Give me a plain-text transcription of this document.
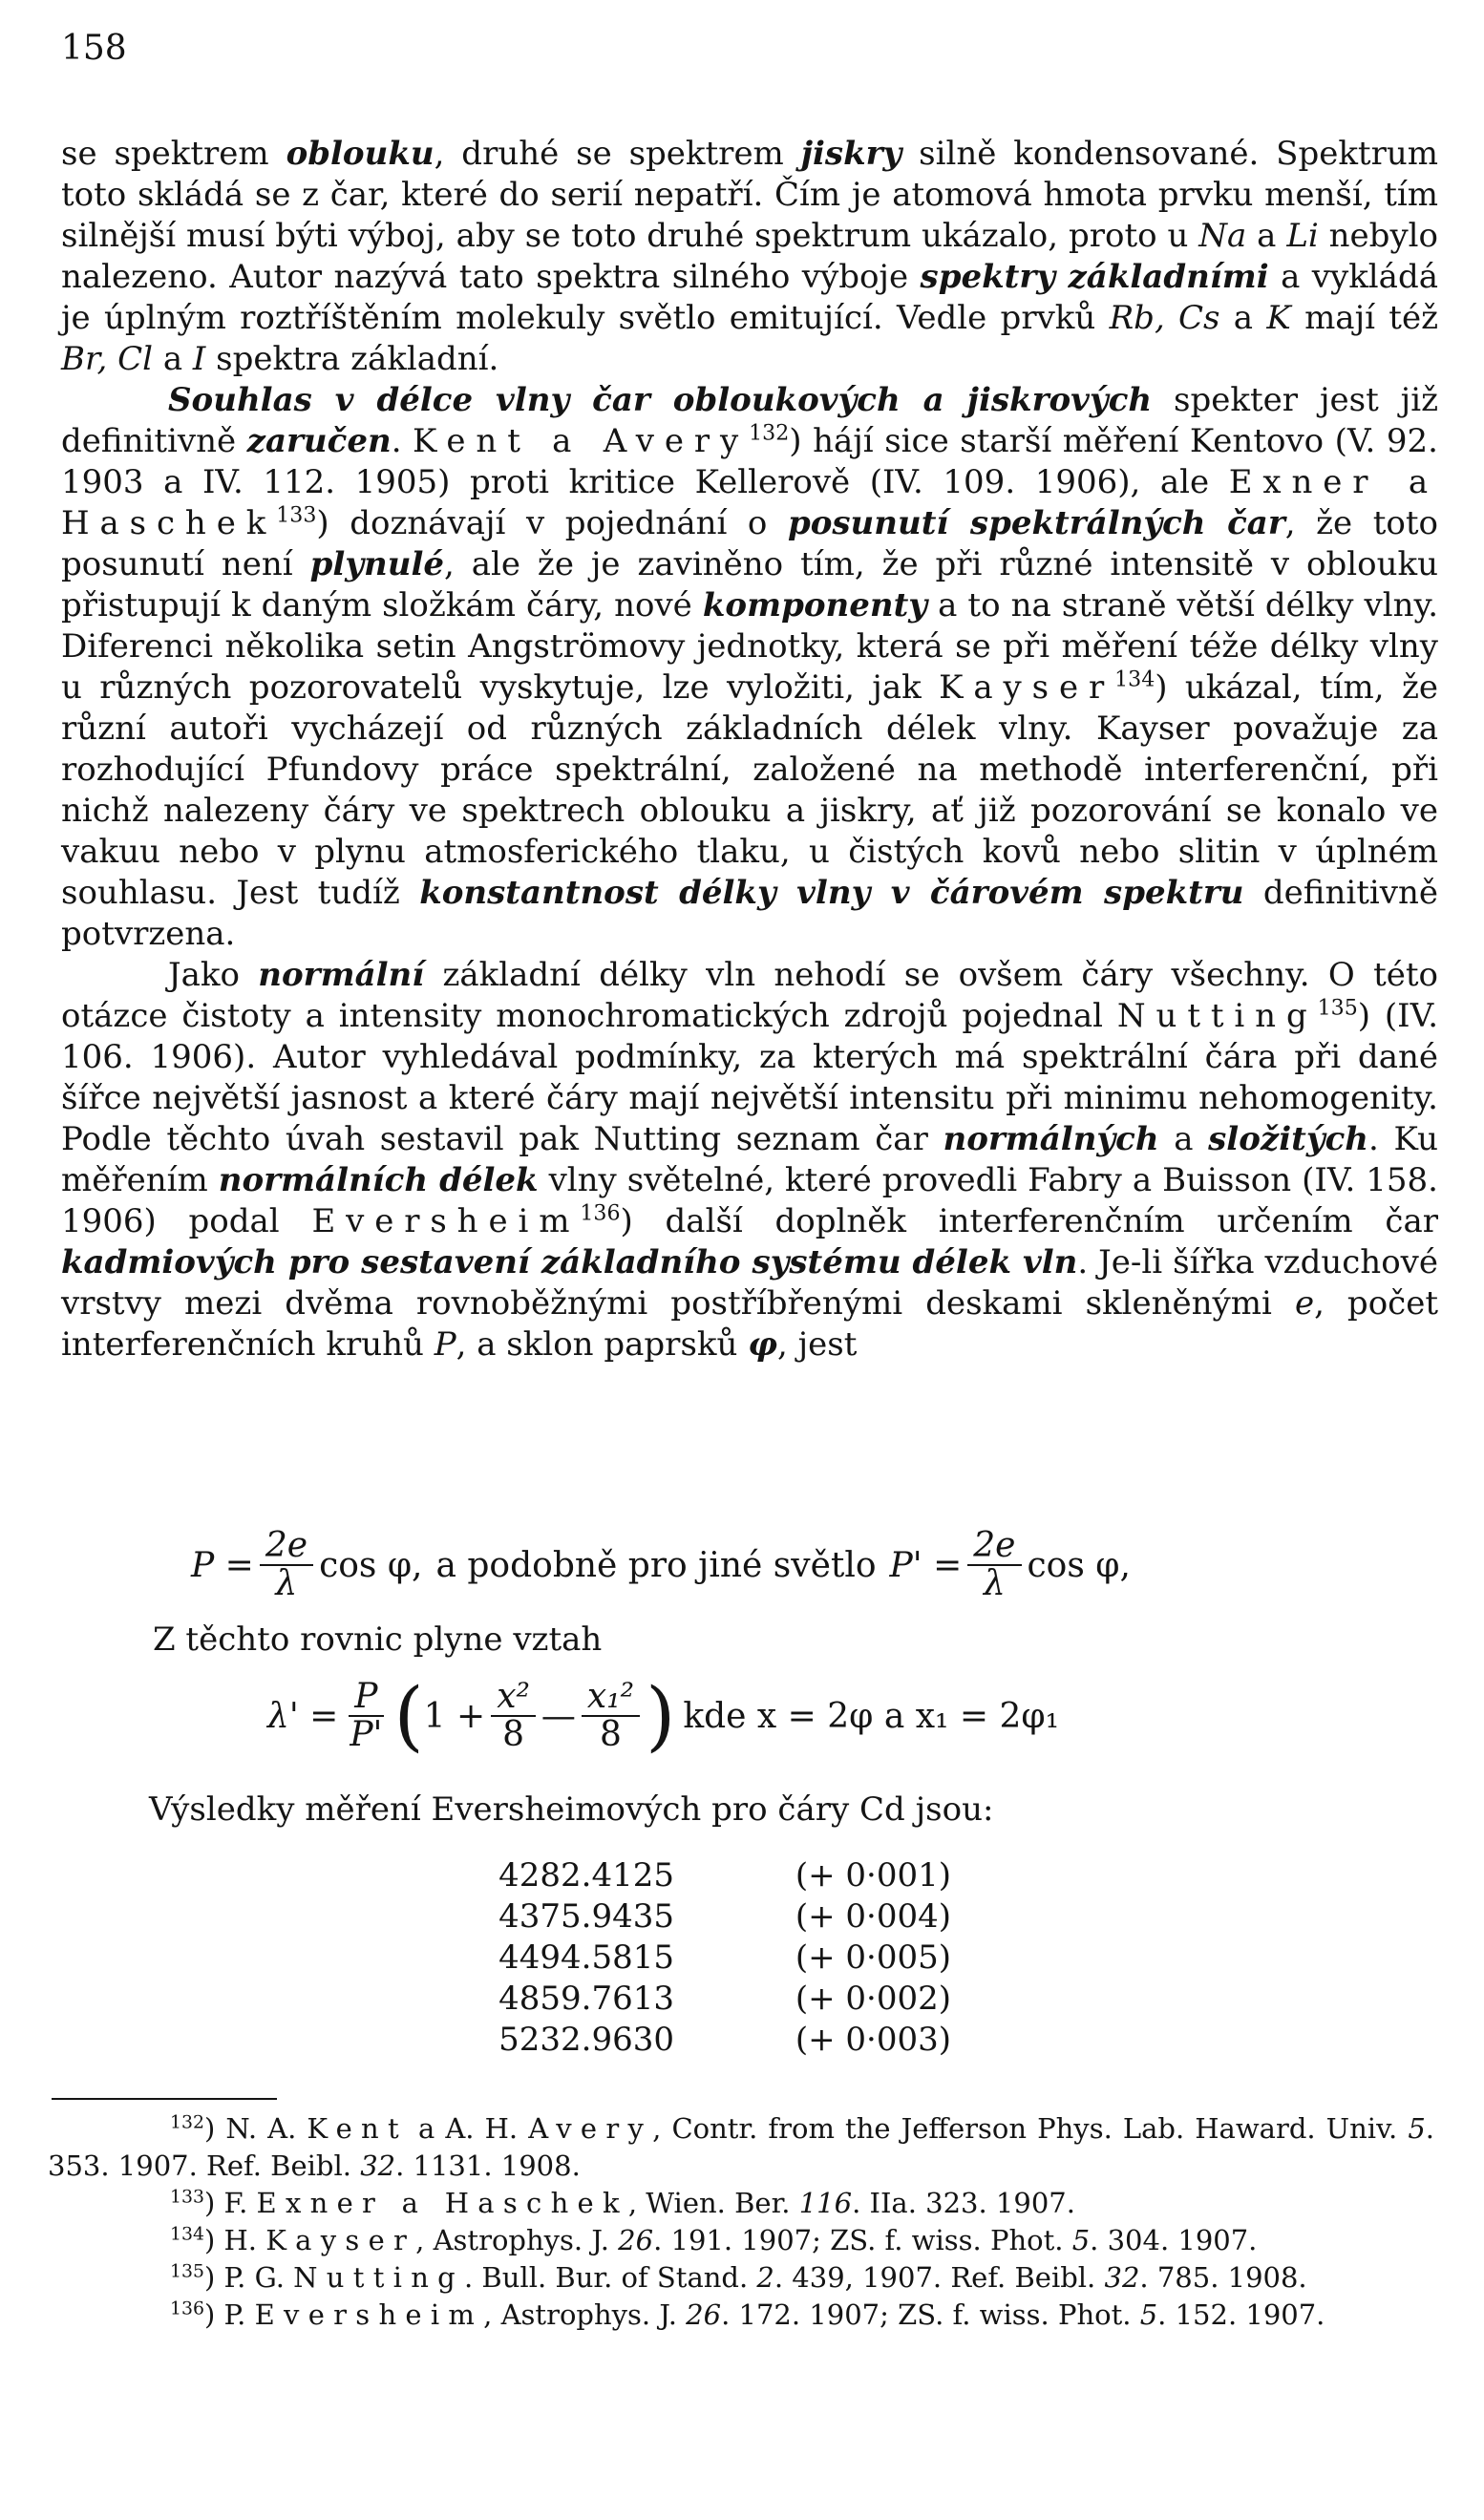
158

se spektrem oblouku, druhé se spektrem jiskry silně kondensované. Spektrum toto skládá se z čar, které do serií nepatří. Čím je atomová hmota prvku menší, tím silnější musí býti výboj, aby se toto druhé spektrum ukázalo, proto u Na a Li nebylo nalezeno. Autor nazývá tato spektra silného výboje spektry základními a vykládá je úplným roztříštěním molekuly světlo emitující. Vedle prvků Rb, Cs a K mají též Br, Cl a I spektra základní.

Souhlas v délce vlny čar obloukových a jiskrových spekter jest již definitivně zaručen. Kent a Avery$^{132}$) hájí sice starší měření Kentovo (V. 92. 1903 a IV. 112. 1905) proti kritice Kellerově (IV. 109. 1906), ale Exner a Haschek$^{133}$) doznávají v pojednání o posunutí spektrálných čar, že toto posunutí není plynulé, ale že je zaviněno tím, že při různé intensitě v oblouku přistupují k daným složkám čáry, nové komponenty a to na straně větší délky vlny. Diferenci několika setin Angströmovy jednotky, která se při měření téže délky vlny u různých pozorovatelů vyskytuje, lze vyložiti, jak Kayser$^{134}$) ukázal, tím, že různí autoři vycházejí od různých základních délek vlny. Kayser považuje za rozhodující Pfundovy práce spektrální, založené na methodě interferenční, při nichž nalezeny čáry ve spektrech oblouku a jiskry, ať již pozorování se konalo ve vakuu nebo v plynu atmosferického tlaku, u čistých kovů nebo slitin v úplném souhlasu. Jest tudíž konstantnost délky vlny v čárovém spektru definitivně potvrzena.

Jako normální základní délky vln nehodí se ovšem čáry všechny. O této otázce čistoty a intensity monochromatických zdrojů pojednal Nutting$^{135}$) (IV. 106. 1906). Autor vyhledával podmínky, za kterých má spektrální čára při dané šířce největší jasnost a které čáry mají největší intensitu při minimu nehomogenity. Podle těchto úvah sestavil pak Nutting seznam čar normálných a složitých. Ku měřením normálních délek vlny světelné, které provedli Fabry a Buisson (IV. 158. 1906) podal Eversheim$^{136}$) další doplněk interferenčním určením čar kadmiových pro sestavení základního systému délek vln. Je-li šířka vzduchové vrstvy mezi dvěma rovnoběžnými postříbřenými deskami skleněnými e, počet interferenčních kruhů P, a sklon paprsků φ, jest

$P = \frac{2e}{\lambda}$ cos φ, a podobně pro jiné světlo $P' = \frac{2e}{\lambda}$ cos φ,
Z těchto rovnic plyne vztah
$\lambda' = \frac{P}{P'}$ ( $1 + \frac{\text{x²}}{8}$ — $\frac{\text{x₁²}}{8}$ ) kde x = 2φ a x₁ = 2φ₁
Výsledky měření Eversheimových pro čáry Cd jsou:
4282.4125	(+ 0·001)
4375.9435	(+ 0·004)
4494.5815	(+ 0·005)
4859.7613	(+ 0·002)
5232.9630	(+ 0·003)

$^{132}$) N. A. Kent a A. H. Avery, Contr. from the Jefferson Phys. Lab. Haward. Univ. 5. 353. 1907. Ref. Beibl. 32. 1131. 1908.

$^{133}$) F. Exner a Haschek, Wien. Ber. 116. IIa. 323. 1907.

$^{134}$) H. Kayser, Astrophys. J. 26. 191. 1907; ZS. f. wiss. Phot. 5. 304. 1907.

$^{135}$) P. G. Nutting. Bull. Bur. of Stand. 2. 439, 1907. Ref. Beibl. 32. 785. 1908.

$^{136}$) P. Eversheim, Astrophys. J. 26. 172. 1907; ZS. f. wiss. Phot. 5. 152. 1907.
